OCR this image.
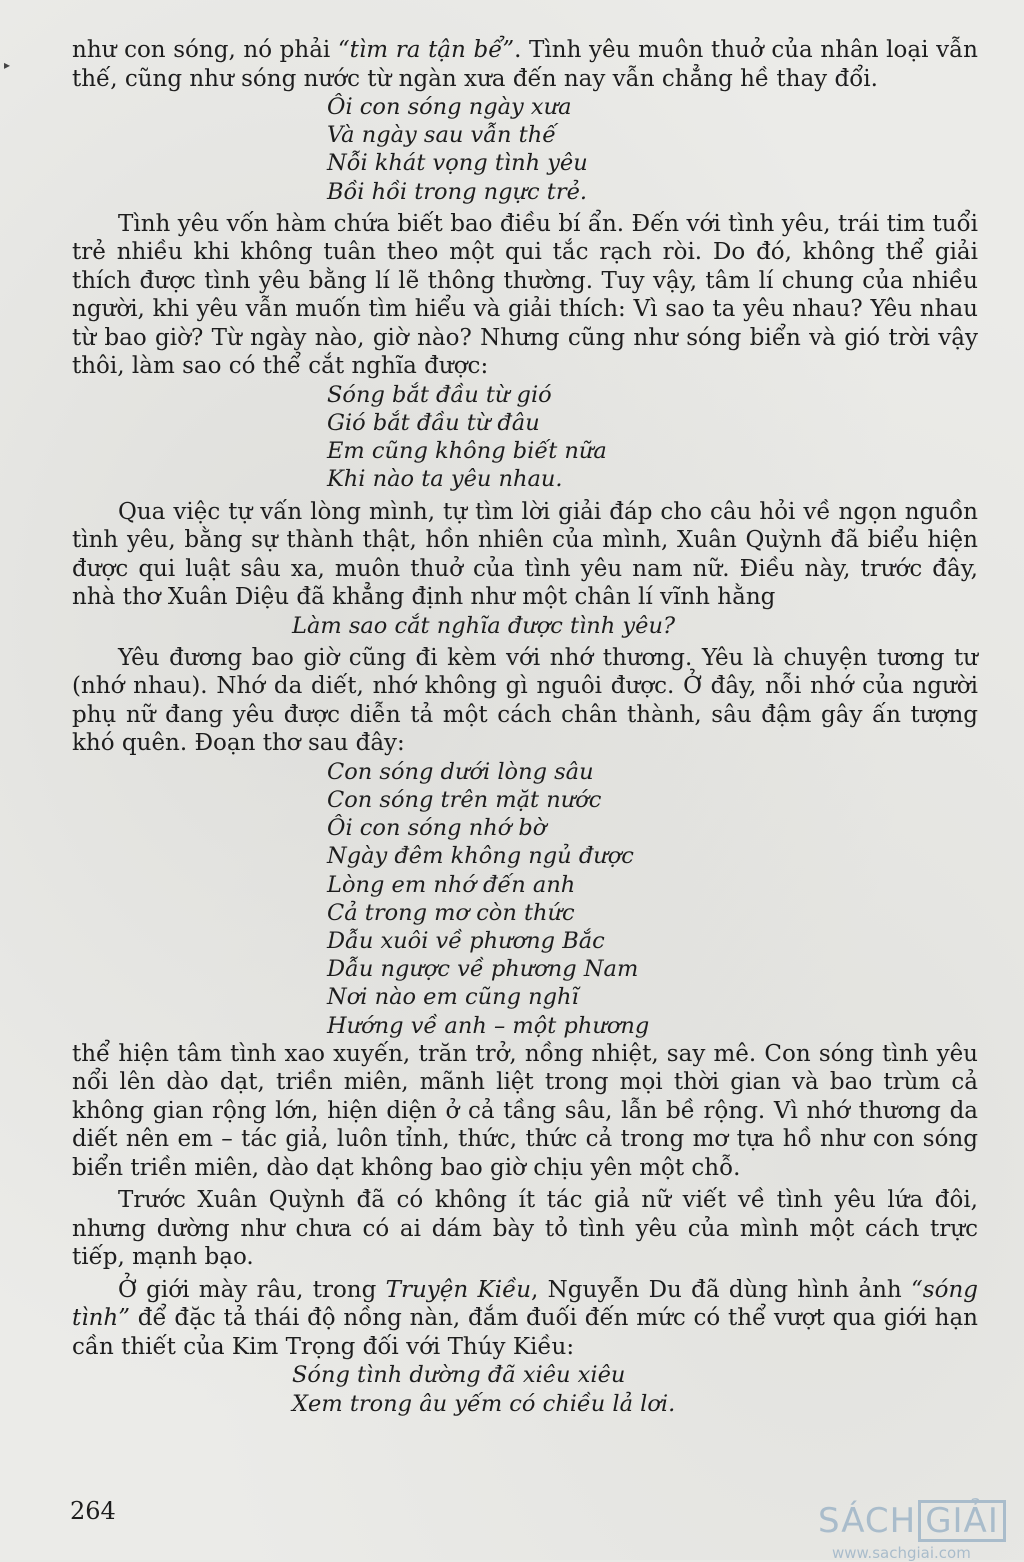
▸

như con sóng, nó phải “tìm ra tận bể”. Tình yêu muôn thuở của nhân loại vẫn thế, cũng như sóng nước từ ngàn xưa đến nay vẫn chẳng hề thay đổi.

Ôi con sóng ngày xưa
Và ngày sau vẫn thế
Nỗi khát vọng tình yêu
Bồi hồi trong ngực trẻ.

Tình yêu vốn hàm chứa biết bao điều bí ẩn. Đến với tình yêu, trái tim tuổi trẻ nhiều khi không tuân theo một qui tắc rạch ròi. Do đó, không thể giải thích được tình yêu bằng lí lẽ thông thường. Tuy vậy, tâm lí chung của nhiều người, khi yêu vẫn muốn tìm hiểu và giải thích: Vì sao ta yêu nhau? Yêu nhau từ bao giờ? Từ ngày nào, giờ nào? Nhưng cũng như sóng biển và gió trời vậy thôi, làm sao có thể cắt nghĩa được:

Sóng bắt đầu từ gió
Gió bắt đầu từ đâu
Em cũng không biết nữa
Khi nào ta yêu nhau.

Qua việc tự vấn lòng mình, tự tìm lời giải đáp cho câu hỏi về ngọn nguồn tình yêu, bằng sự thành thật, hồn nhiên của mình, Xuân Quỳnh đã biểu hiện được qui luật sâu xa, muôn thuở của tình yêu nam nữ. Điều này, trước đây, nhà thơ Xuân Diệu đã khẳng định như một chân lí vĩnh hằng

Làm sao cắt nghĩa được tình yêu?

Yêu đương bao giờ cũng đi kèm với nhớ thương. Yêu là chuyện tương tư (nhớ nhau). Nhớ da diết, nhớ không gì nguôi được. Ở đây, nỗi nhớ của người phụ nữ đang yêu được diễn tả một cách chân thành, sâu đậm gây ấn tượng khó quên. Đoạn thơ sau đây:

Con sóng dưới lòng sâu
Con sóng trên mặt nước
Ôi con sóng nhớ bờ
Ngày đêm không ngủ được
Lòng em nhớ đến anh
Cả trong mơ còn thức
Dẫu xuôi về phương Bắc
Dẫu ngược về phương Nam
Nơi nào em cũng nghĩ
Hướng về anh – một phương

thể hiện tâm tình xao xuyến, trăn trở, nồng nhiệt, say mê. Con sóng tình yêu nổi lên dào dạt, triền miên, mãnh liệt trong mọi thời gian và bao trùm cả không gian rộng lớn, hiện diện ở cả tầng sâu, lẫn bề rộng. Vì nhớ thương da diết nên em – tác giả, luôn tỉnh, thức, thức cả trong mơ tựa hồ như con sóng biển triền miên, dào dạt không bao giờ chịu yên một chỗ.

Trước Xuân Quỳnh đã có không ít tác giả nữ viết về tình yêu lứa đôi, nhưng dường như chưa có ai dám bày tỏ tình yêu của mình một cách trực tiếp, mạnh bạo.

Ở giới mày râu, trong Truyện Kiều, Nguyễn Du đã dùng hình ảnh “sóng tình” để đặc tả thái độ nồng nàn, đắm đuối đến mức có thể vượt qua giới hạn cần thiết của Kim Trọng đối với Thúy Kiều:

Sóng tình dường đã xiêu xiêu
Xem trong âu yếm có chiều lả lơi.
264	SÁCH GIẢI
www.sachgiai.com
